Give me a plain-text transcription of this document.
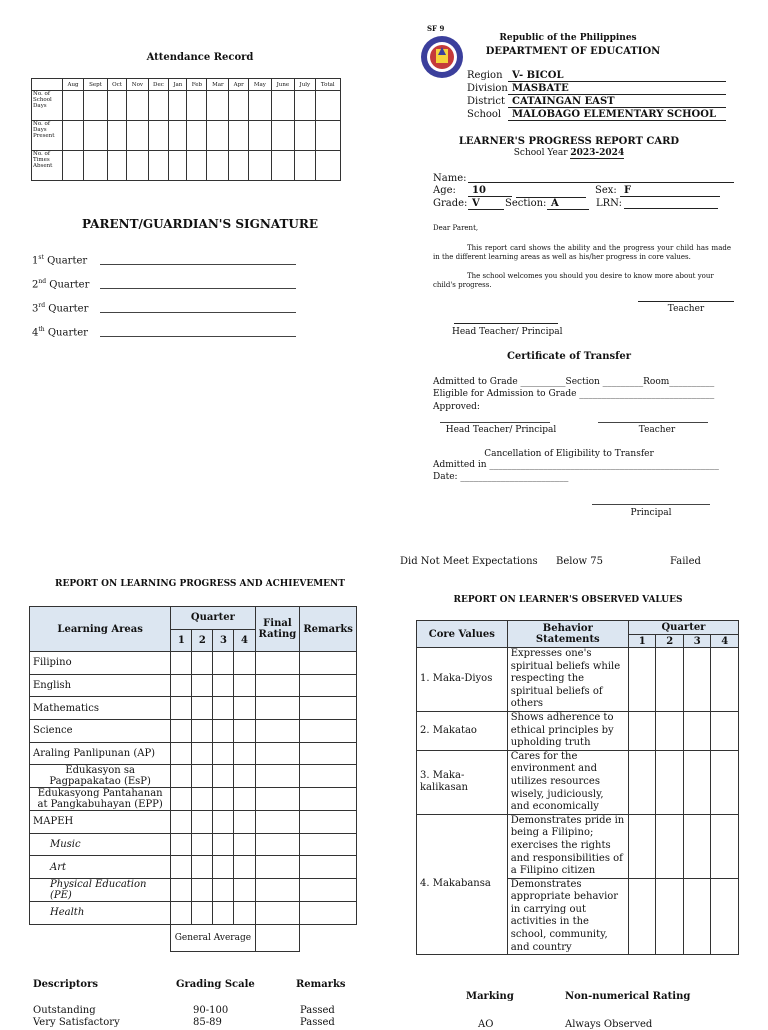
Attendance Record
	Aug	Sept	Oct	Nov	Dec	Jan	Feb	Mar	Apr	May	June	July	Total
No. of School Days													
No. of Days Present													
No. of Times Absent													
PARENT/GUARDIAN'S SIGNATURE
1st Quarter
2nd Quarter
3rd Quarter
4th Quarter
SF 9
Republic of the Philippines
DEPARTMENT OF EDUCATION
Region V- BICOL
Division MASBATE
District CATAINGAN EAST
School	MALOBAGO ELEMENTARY SCHOOL
LEARNER'S PROGRESS REPORT CARD
School Year 2023-2024
Name:
Age:	10	Sex: F
Grade: V	Section: A	LRN:
Dear Parent,
This report card shows the ability and the progress your child has made in the different learning areas as well as his/her progress in core values.
The school welcomes you should you desire to know more about your child's progress.
Teacher
Head Teacher/ Principal
Certificate of Transfer
Admitted to Grade __________Section _________Room__________
Eligible for Admission to Grade ______________________________
Approved:
Head Teacher/ Principal	Teacher
Cancellation of Eligibility to Transfer
Admitted in ___________________________________________________
Date: ________________________
Principal
Did Not Meet Expectations Below 75	Failed
REPORT ON LEARNING PROGRESS AND ACHIEVEMENT
Learning Areas	Quarter				Final Rating	Remarks
	1	2	3	4		
Filipino						
English						
Mathematics						
Science						
Araling Panlipunan (AP)						
Edukasyon sa Pagpapakatao (EsP)						
Edukasyong Pantahanan at Pangkabuhayan (EPP)						
MAPEH						
Music						
Art						
Physical Education (PE)						
Health						
	General Average					
REPORT ON LEARNER'S OBSERVED VALUES
Core Values	Behavior Statements	Quarter			
		1	2	3	4
1. Maka-Diyos	Expresses one's spiritual beliefs while respecting the spiritual beliefs of others				
2. Makatao	Shows adherence to ethical principles by upholding truth				
3. Maka-kalikasan	Cares for the environment and utilizes resources wisely, judiciously, and economically				
4. Makabansa	Demonstrates pride in being a Filipino; exercises the rights and responsibilities of a Filipino citizen				
	Demonstrates appropriate behavior in carrying out activities in the school, community, and country				
Descriptors	Grading Scale	Remarks
Outstanding	90-100	Passed
Very Satisfactory	85-89	Passed
Marking	Non-numerical Rating
AO	Always Observed
